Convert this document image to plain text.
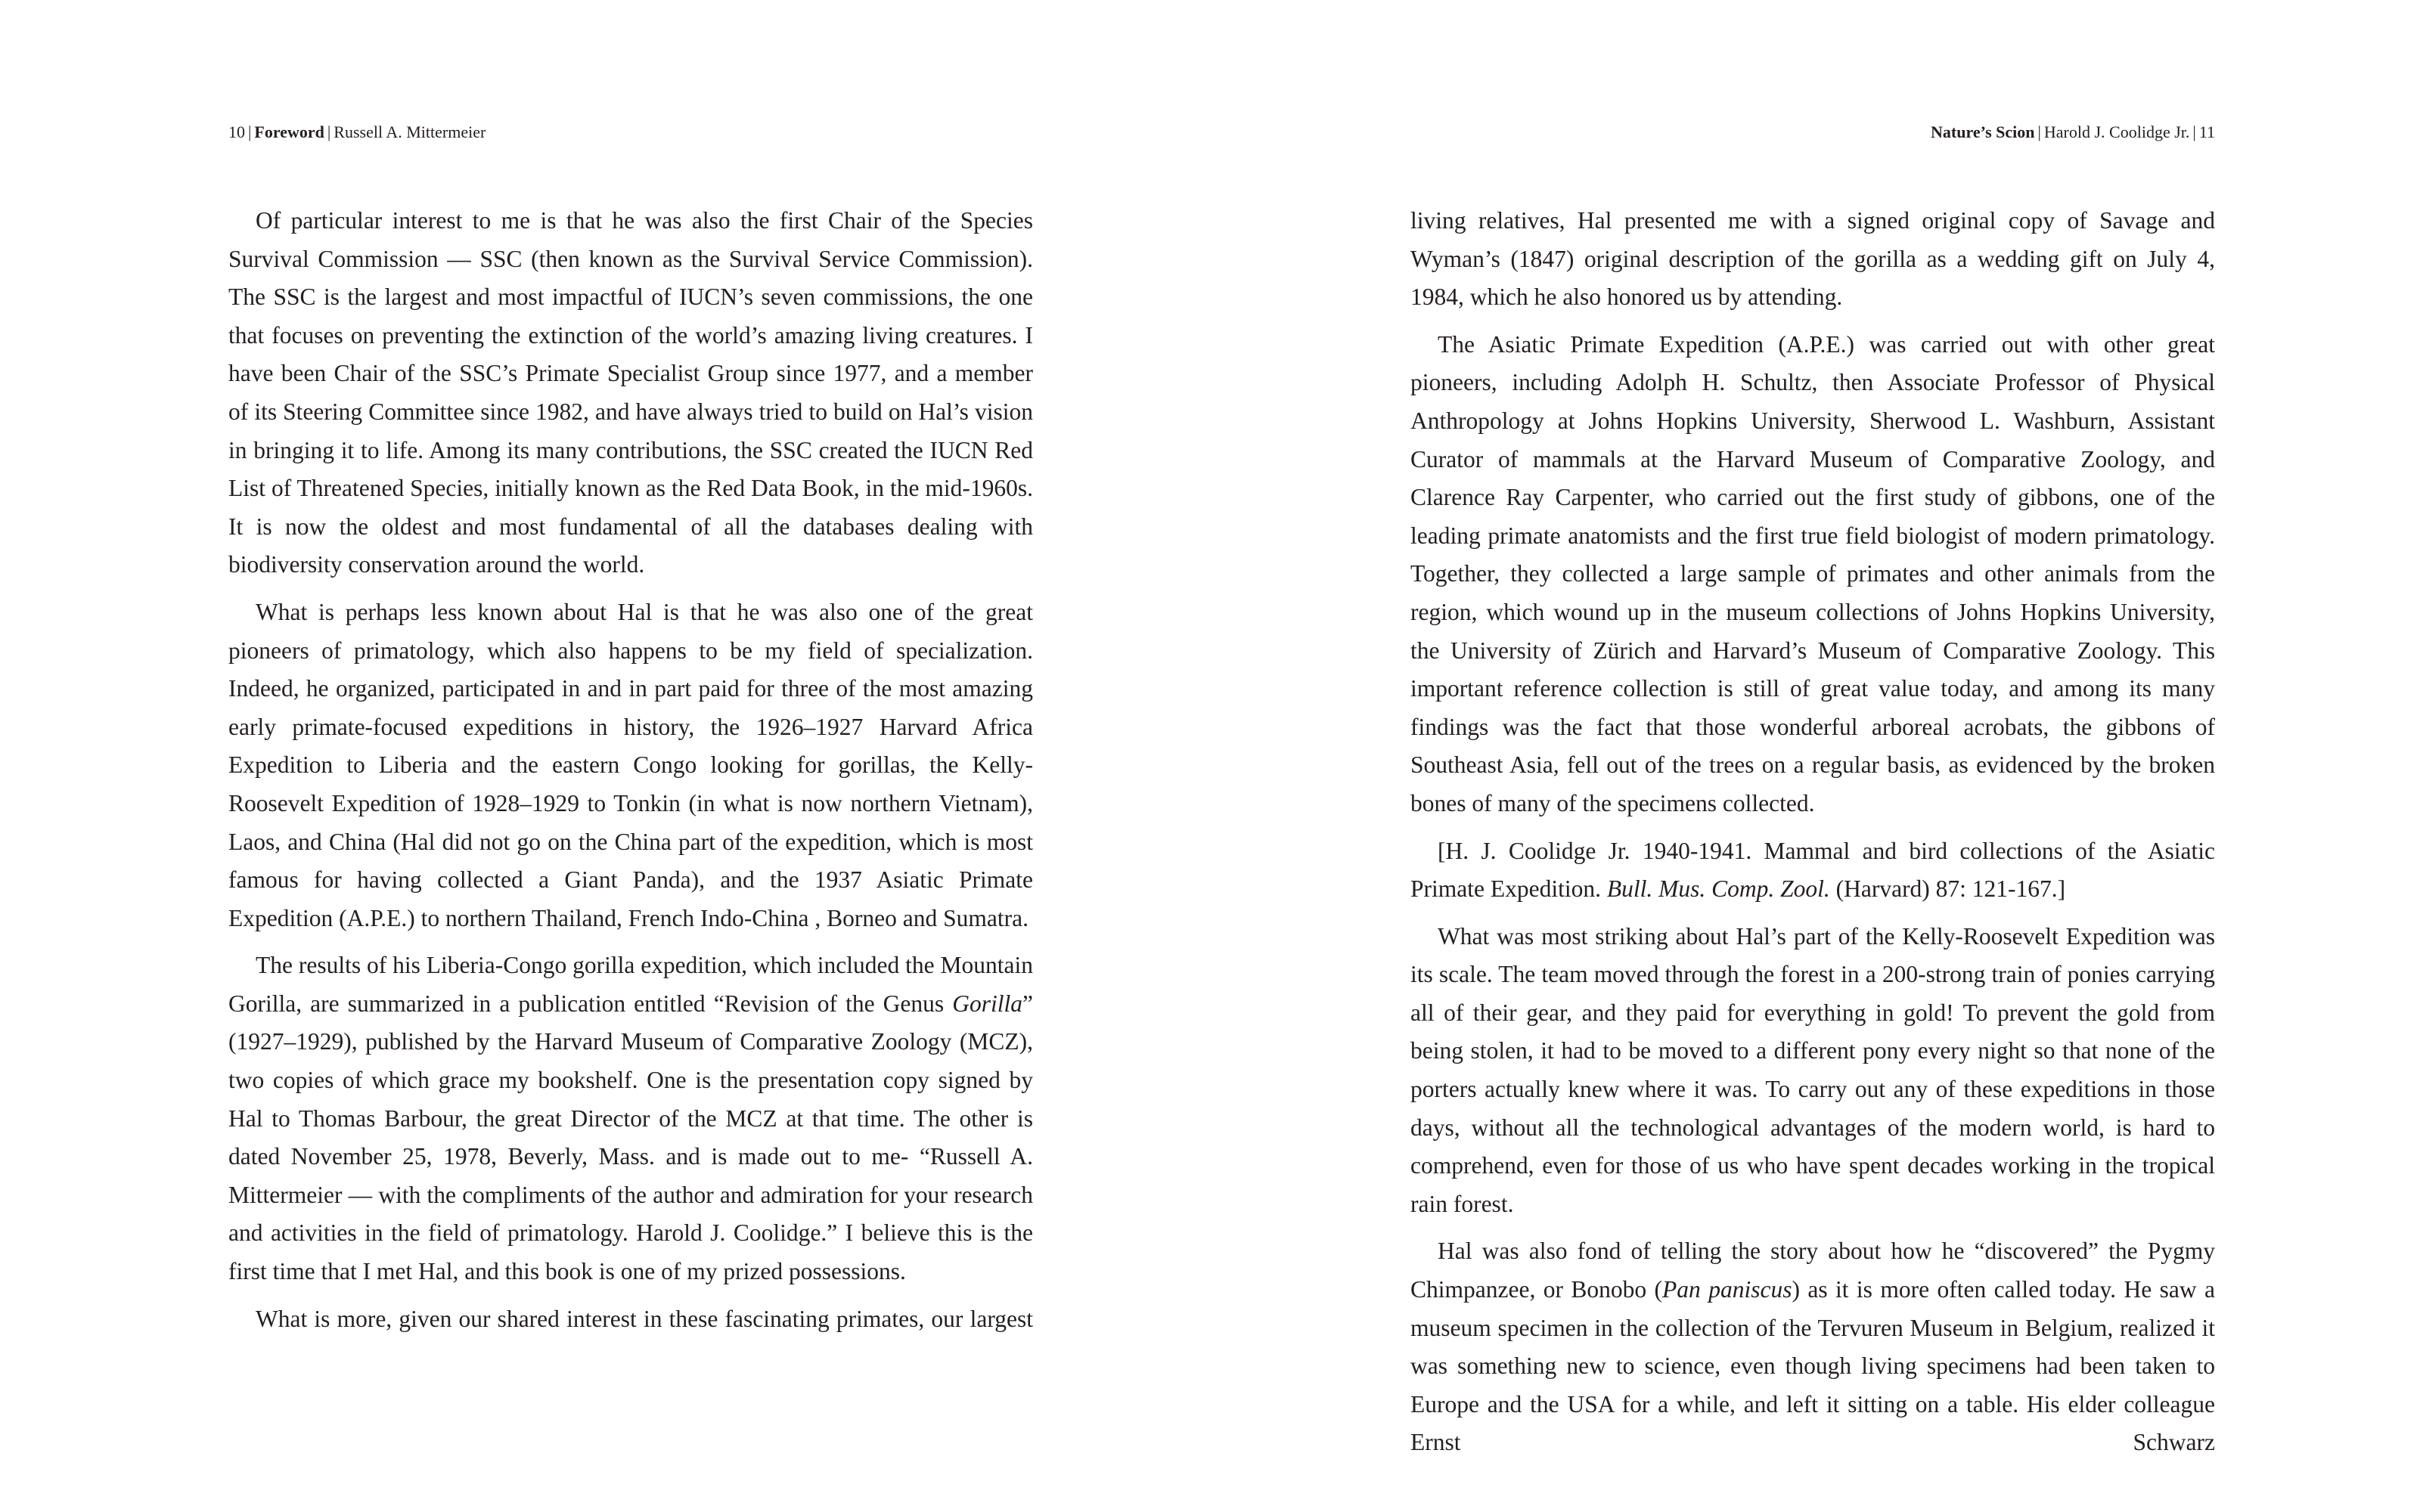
10 | Foreword | Russell A. Mittermeier

Of particular interest to me is that he was also the first Chair of the Species Survival Commission — SSC (then known as the Survival Service Commission). The SSC is the largest and most impactful of IUCN’s seven commissions, the one that focuses on preventing the extinction of the world’s amazing living creatures. I have been Chair of the SSC’s Primate Specialist Group since 1977, and a member of its Steering Committee since 1982, and have always tried to build on Hal’s vision in bringing it to life. Among its many contributions, the SSC created the IUCN Red List of Threatened Species, initially known as the Red Data Book, in the mid-1960s. It is now the oldest and most fundamental of all the databases dealing with biodiversity conservation around the world.

What is perhaps less known about Hal is that he was also one of the great pioneers of primatology, which also happens to be my field of specialization. Indeed, he organized, participated in and in part paid for three of the most amazing early primate-focused expeditions in history, the 1926–1927 Harvard Africa Expedition to Liberia and the eastern Congo looking for gorillas, the Kelly-Roosevelt Expedition of 1928–1929 to Tonkin (in what is now northern Vietnam), Laos, and China (Hal did not go on the China part of the expedition, which is most famous for having collected a Giant Panda), and the 1937 Asiatic Primate Expedition (A.P.E.) to northern Thailand, French Indo-China , Borneo and Sumatra.

The results of his Liberia-Congo gorilla expedition, which included the Mountain Gorilla, are summarized in a publication entitled “Revision of the Genus Gorilla” (1927–1929), published by the Harvard Museum of Comparative Zoology (MCZ), two copies of which grace my bookshelf. One is the presentation copy signed by Hal to Thomas Barbour, the great Director of the MCZ at that time. The other is dated November 25, 1978, Beverly, Mass. and is made out to me- “Russell A. Mittermeier — with the compliments of the author and admiration for your research and activities in the field of primatology. Harold J. Coolidge.” I believe this is the first time that I met Hal, and this book is one of my prized possessions.

What is more, given our shared interest in these fascinating primates, our largest

Nature’s Scion | Harold J. Coolidge Jr. | 11

living relatives, Hal presented me with a signed original copy of Savage and Wyman’s (1847) original description of the gorilla as a wedding gift on July 4, 1984, which he also honored us by attending.

The Asiatic Primate Expedition (A.P.E.) was carried out with other great pioneers, including Adolph H. Schultz, then Associate Professor of Physical Anthropology at Johns Hopkins University, Sherwood L. Washburn, Assistant Curator of mammals at the Harvard Museum of Comparative Zoology, and Clarence Ray Carpenter, who carried out the first study of gibbons, one of the leading primate anatomists and the first true field biologist of modern primatology. Together, they collected a large sample of primates and other animals from the region, which wound up in the museum collections of Johns Hopkins University, the University of Zürich and Harvard’s Museum of Comparative Zoology. This important reference collection is still of great value today, and among its many findings was the fact that those wonderful arboreal acrobats, the gibbons of Southeast Asia, fell out of the trees on a regular basis, as evidenced by the broken bones of many of the specimens collected.

[H. J. Coolidge Jr. 1940-1941. Mammal and bird collections of the Asiatic Primate Expedition. Bull. Mus. Comp. Zool. (Harvard) 87: 121-167.]

What was most striking about Hal’s part of the Kelly-Roosevelt Expedition was its scale. The team moved through the forest in a 200-strong train of ponies carrying all of their gear, and they paid for everything in gold! To prevent the gold from being stolen, it had to be moved to a different pony every night so that none of the porters actually knew where it was. To carry out any of these expeditions in those days, without all the technological advantages of the modern world, is hard to comprehend, even for those of us who have spent decades working in the tropical rain forest.

Hal was also fond of telling the story about how he “discovered” the Pygmy Chimpanzee, or Bonobo (Pan paniscus) as it is more often called today. He saw a museum specimen in the collection of the Tervuren Museum in Belgium, realized it was something new to science, even though living specimens had been taken to Europe and the USA for a while, and left it sitting on a table. His elder colleague Ernst Schwarz
